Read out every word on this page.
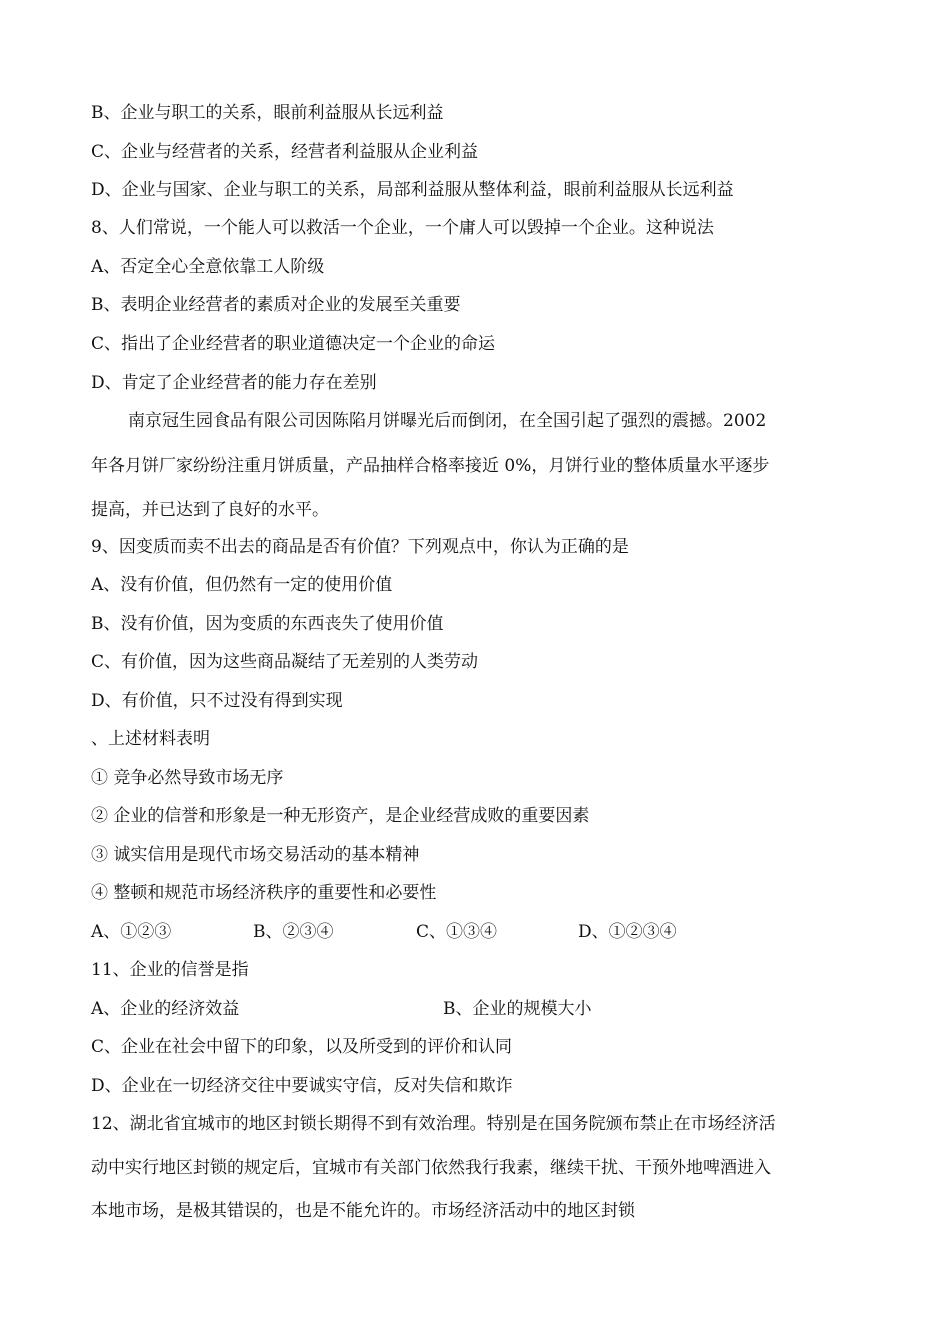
B、企业与职工的关系，眼前利益服从长远利益
C、企业与经营者的关系，经营者利益服从企业利益
D、企业与国家、企业与职工的关系，局部利益服从整体利益，眼前利益服从长远利益
8、人们常说，一个能人可以救活一个企业，一个庸人可以毁掉一个企业。这种说法
A、否定全心全意依靠工人阶级
B、表明企业经营者的素质对企业的发展至关重要
C、指出了企业经营者的职业道德决定一个企业的命运
D、肯定了企业经营者的能力存在差别
南京冠生园食品有限公司因陈陷月饼曝光后而倒闭，在全国引起了强烈的震撼。2002
年各月饼厂家纷纷注重月饼质量，产品抽样合格率接近 0%，月饼行业的整体质量水平逐步
提高，并已达到了良好的水平。
9、因变质而卖不出去的商品是否有价值？下列观点中，你认为正确的是
A、没有价值，但仍然有一定的使用价值
B、没有价值，因为变质的东西丧失了使用价值
C、有价值，因为这些商品凝结了无差别的人类劳动
D、有价值，只不过没有得到实现
、上述材料表明
① 竞争必然导致市场无序
② 企业的信誉和形象是一种无形资产，是企业经营成败的重要因素
③ 诚实信用是现代市场交易活动的基本精神
④ 整顿和规范市场经济秩序的重要性和必要性
A、①②③	B、②③④	C、①③④	D、①②③④
11、企业的信誉是指
A、企业的经济效益	B、企业的规模大小
C、企业在社会中留下的印象，以及所受到的评价和认同
D、企业在一切经济交往中要诚实守信，反对失信和欺诈
12、湖北省宜城市的地区封锁长期得不到有效治理。特别是在国务院颁布禁止在市场经济活
动中实行地区封锁的规定后，宜城市有关部门依然我行我素，继续干扰、干预外地啤酒进入
本地市场，是极其错误的，也是不能允许的。市场经济活动中的地区封锁
